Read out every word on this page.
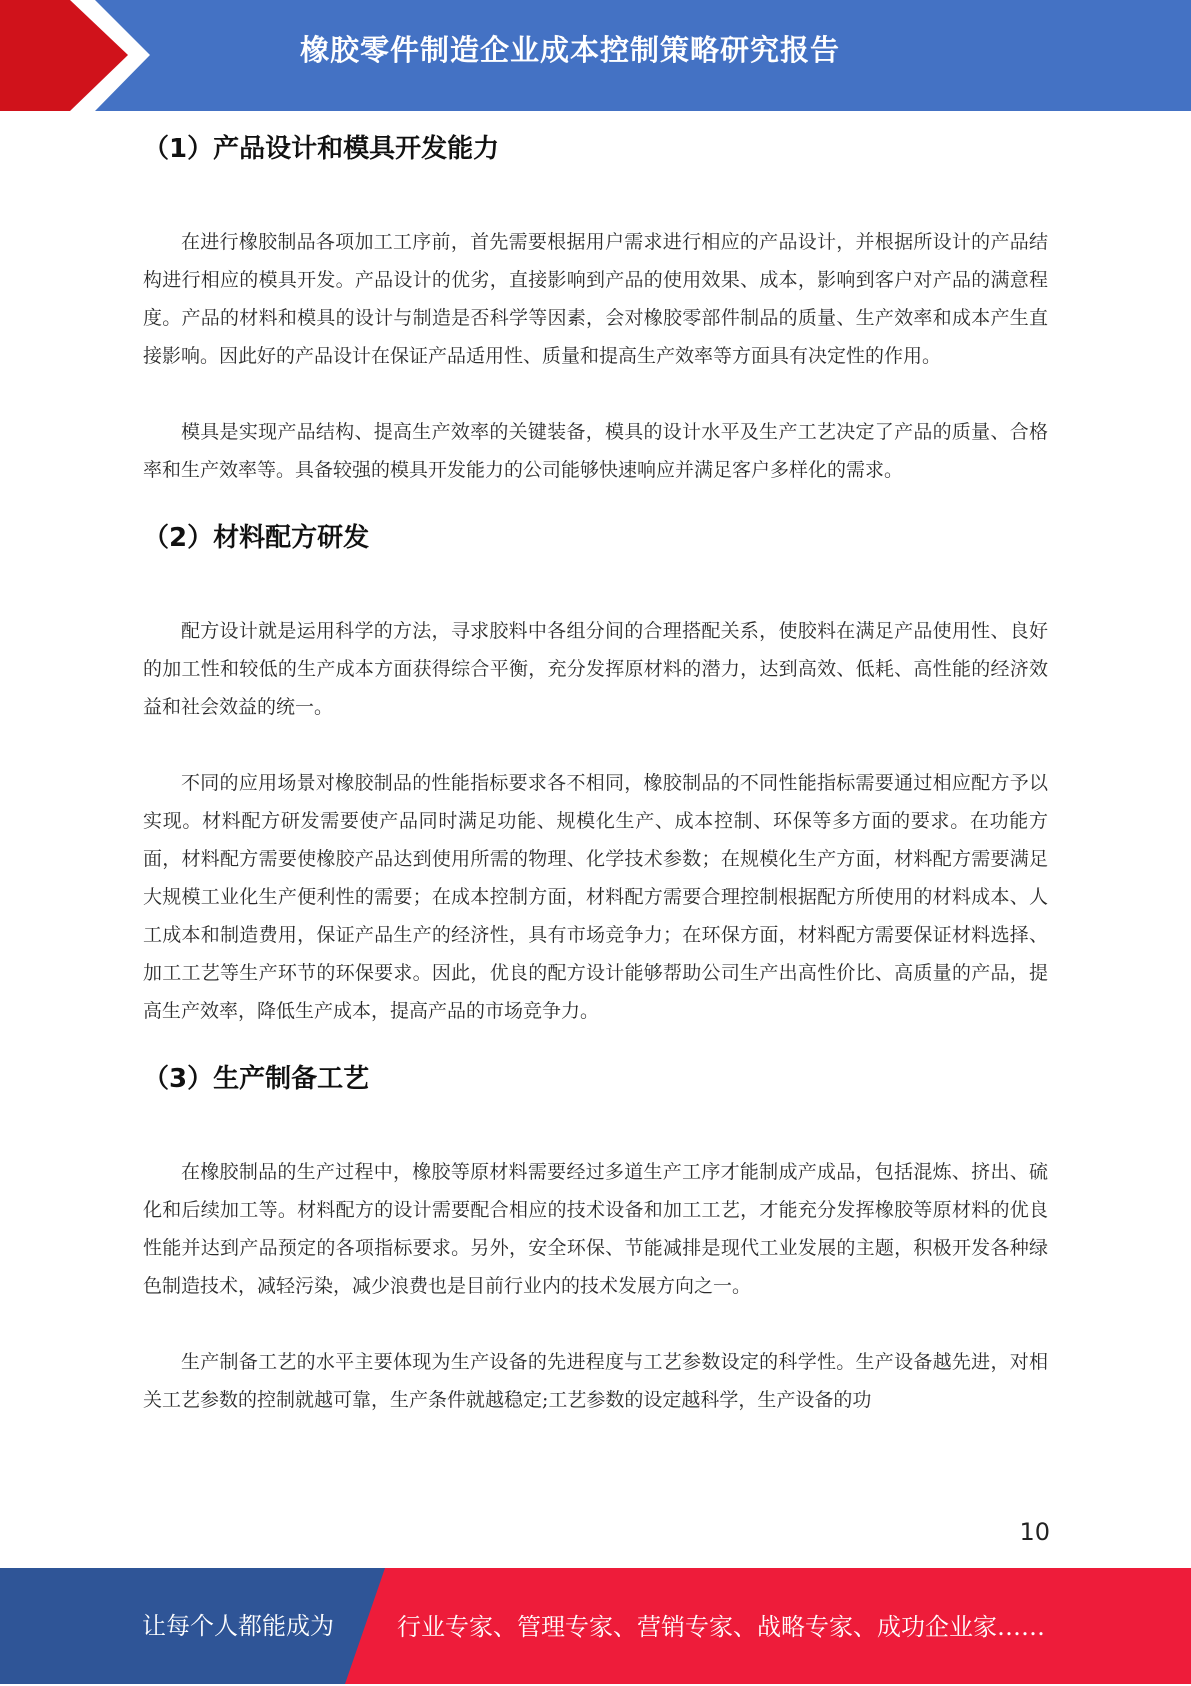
橡胶零件制造企业成本控制策略研究报告
（1）产品设计和模具开发能力

在进行橡胶制品各项加工工序前，首先需要根据用户需求进行相应的产品设计，并根据所设计的产品结构进行相应的模具开发。产品设计的优劣，直接影响到产品的使用效果、成本，影响到客户对产品的满意程度。产品的材料和模具的设计与制造是否科学等因素，会对橡胶零部件制品的质量、生产效率和成本产生直接影响。因此好的产品设计在保证产品适用性、质量和提高生产效率等方面具有决定性的作用。

模具是实现产品结构、提高生产效率的关键装备，模具的设计水平及生产工艺决定了产品的质量、合格率和生产效率等。具备较强的模具开发能力的公司能够快速响应并满足客户多样化的需求。

（2）材料配方研发

配方设计就是运用科学的方法，寻求胶料中各组分间的合理搭配关系，使胶料在满足产品使用性、良好的加工性和较低的生产成本方面获得综合平衡，充分发挥原材料的潜力，达到高效、低耗、高性能的经济效益和社会效益的统一。

不同的应用场景对橡胶制品的性能指标要求各不相同，橡胶制品的不同性能指标需要通过相应配方予以实现。材料配方研发需要使产品同时满足功能、规模化生产、成本控制、环保等多方面的要求。在功能方面，材料配方需要使橡胶产品达到使用所需的物理、化学技术参数；在规模化生产方面，材料配方需要满足大规模工业化生产便利性的需要；在成本控制方面，材料配方需要合理控制根据配方所使用的材料成本、人工成本和制造费用，保证产品生产的经济性，具有市场竞争力；在环保方面，材料配方需要保证材料选择、加工工艺等生产环节的环保要求。因此，优良的配方设计能够帮助公司生产出高性价比、高质量的产品，提高生产效率，降低生产成本，提高产品的市场竞争力。

（3）生产制备工艺

在橡胶制品的生产过程中，橡胶等原材料需要经过多道生产工序才能制成产成品，包括混炼、挤出、硫化和后续加工等。材料配方的设计需要配合相应的技术设备和加工工艺，才能充分发挥橡胶等原材料的优良性能并达到产品预定的各项指标要求。另外，安全环保、节能减排是现代工业发展的主题，积极开发各种绿色制造技术，减轻污染，减少浪费也是目前行业内的技术发展方向之一。

生产制备工艺的水平主要体现为生产设备的先进程度与工艺参数设定的科学性。生产设备越先进，对相关工艺参数的控制就越可靠，生产条件就越稳定;工艺参数的设定越科学，生产设备的功

10
让每个人都能成为	行业专家、管理专家、营销专家、战略专家、成功企业家……
